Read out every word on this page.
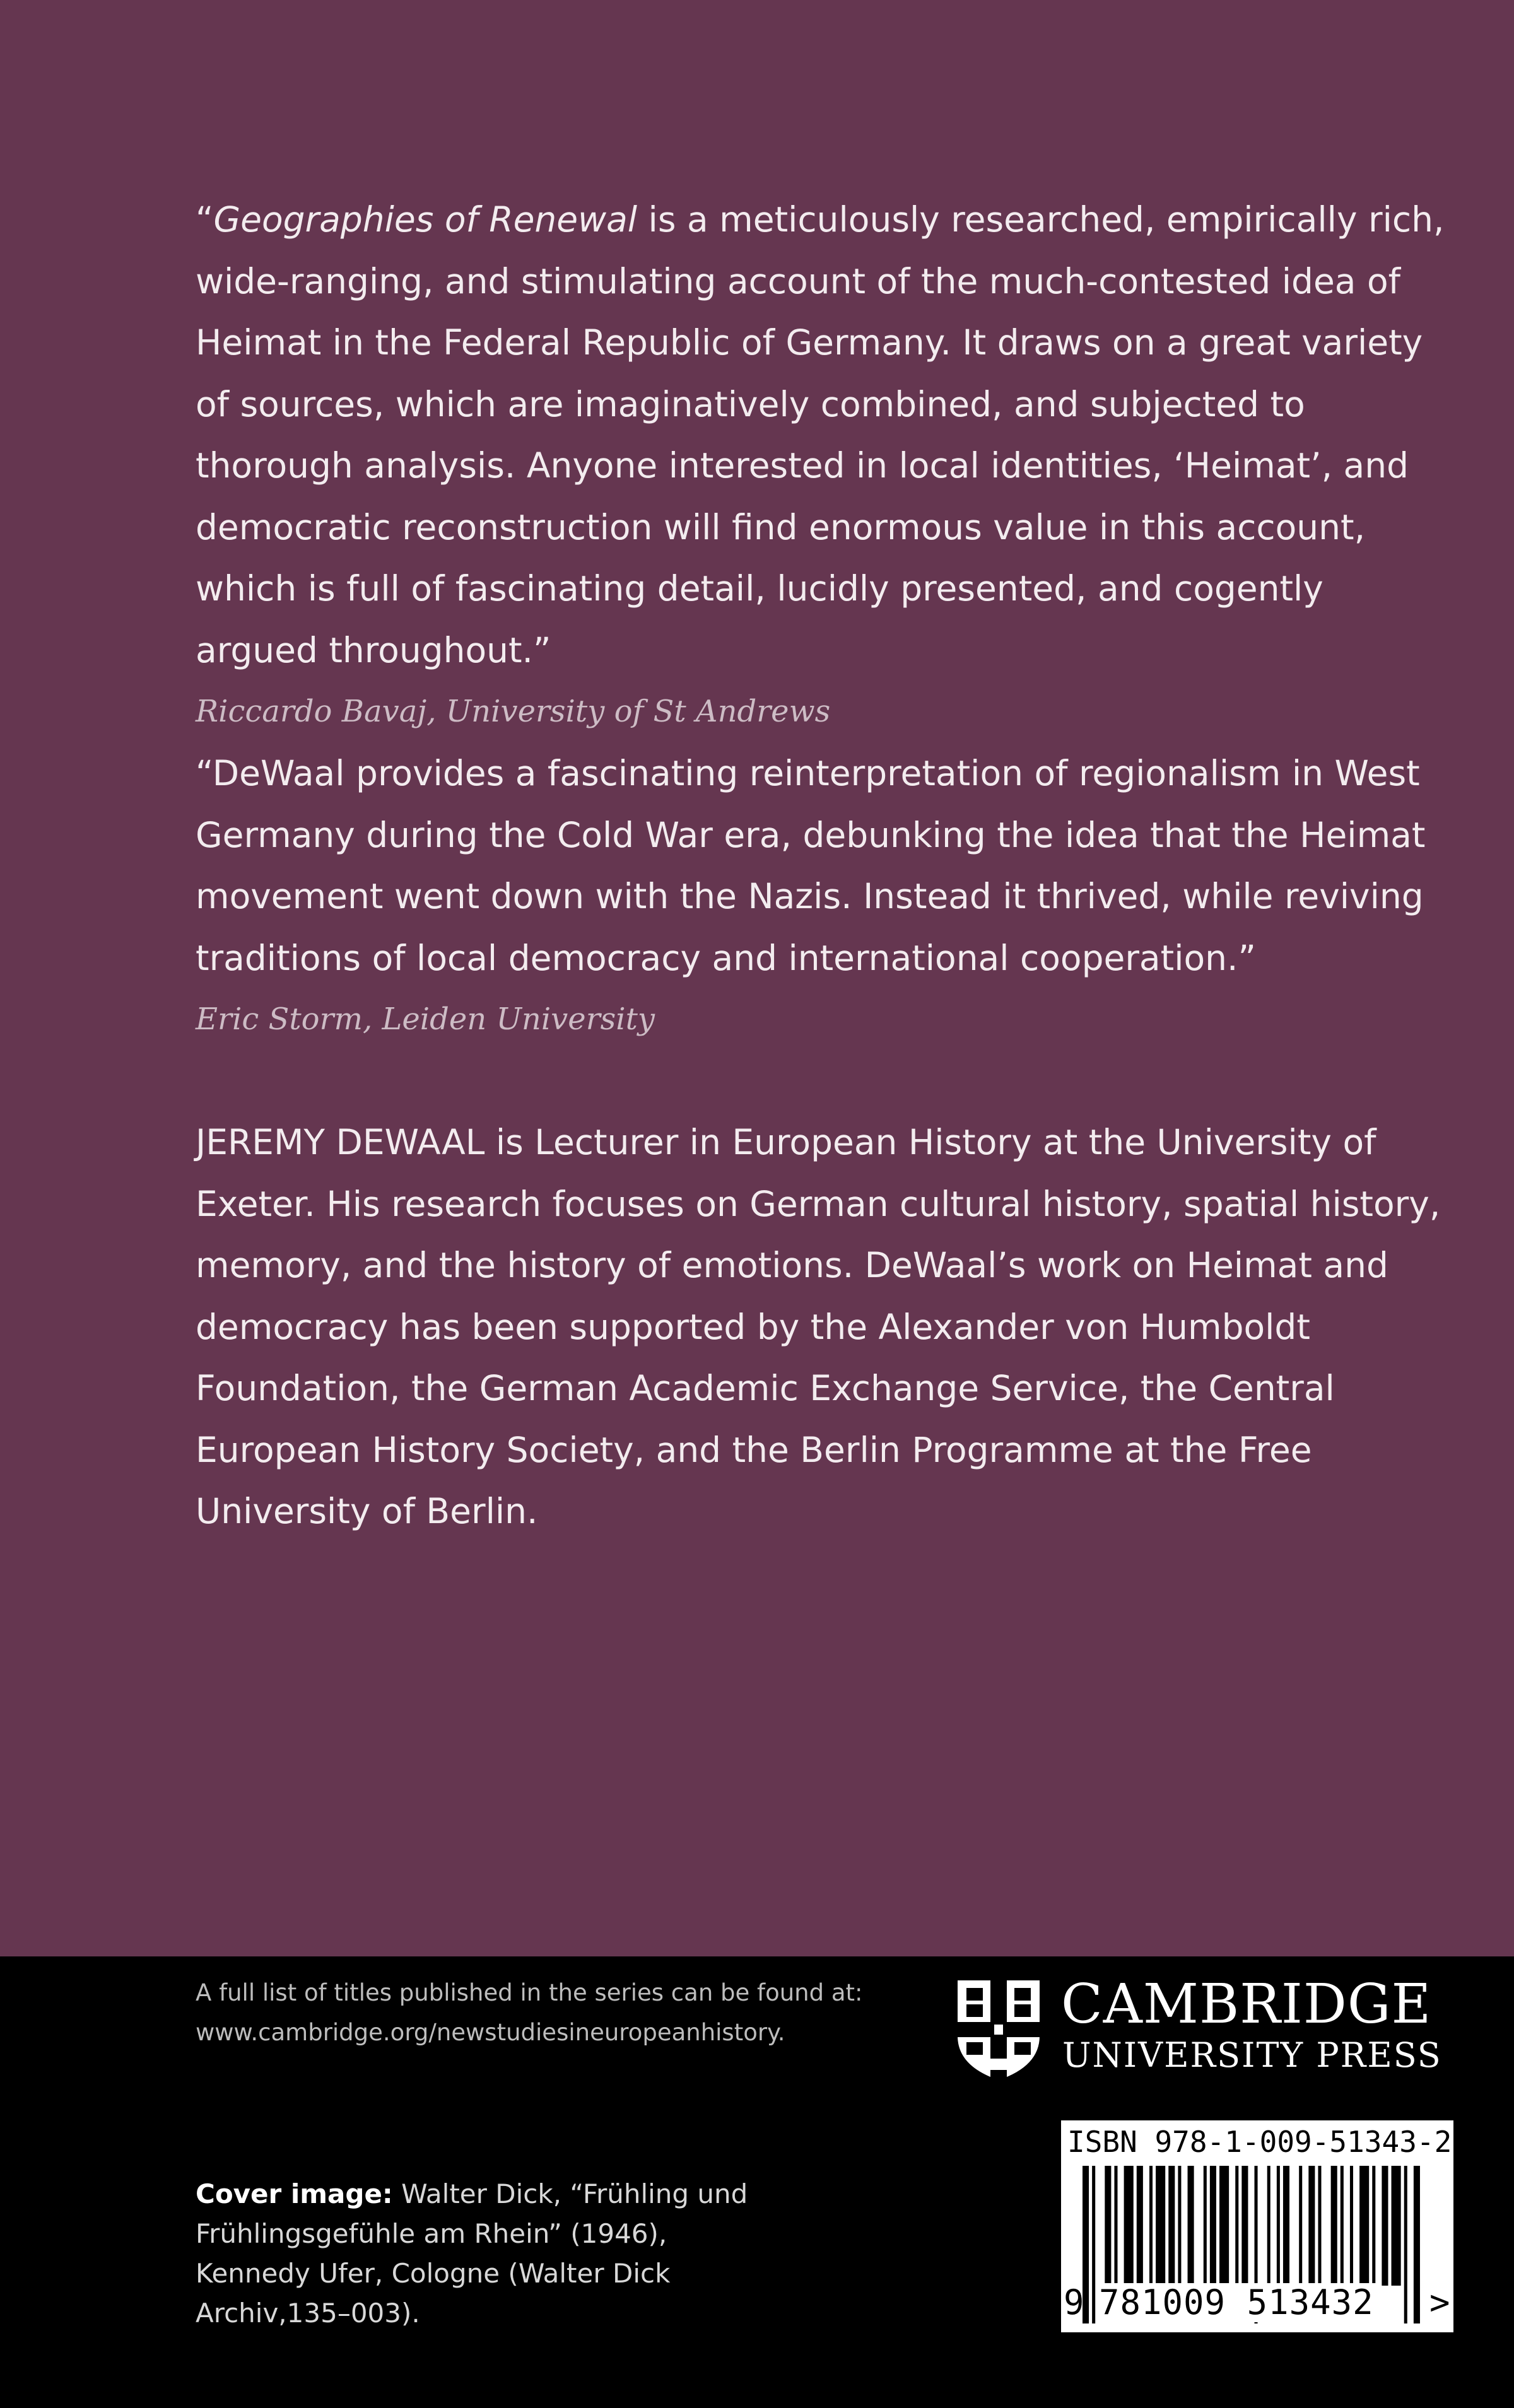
“Geographies of Renewal is a meticulously researched, empirically rich, wide-ranging, and stimulating account of the much-contested idea of Heimat in the Federal Republic of Germany. It draws on a great variety of sources, which are imaginatively combined, and subjected to thorough analysis. Anyone interested in local identities, ‘Heimat’, and democratic reconstruction will find enormous value in this account, which is full of fascinating detail, lucidly presented, and cogently argued throughout.”

Riccardo Bavaj, University of St Andrews

“DeWaal provides a fascinating reinterpretation of regionalism in West Germany during the Cold War era, debunking the idea that the Heimat movement went down with the Nazis. Instead it thrived, while reviving traditions of local democracy and international cooperation.”

Eric Storm, Leiden University

JEREMY DEWAAL is Lecturer in European History at the University of Exeter. His research focuses on German cultural history, spatial history, memory, and the history of emotions. DeWaal’s work on Heimat and democracy has been supported by the Alexander von Humboldt Foundation, the German Academic Exchange Service, the Central European History Society, and the Berlin Programme at the Free University of Berlin.

A full list of titles published in the series can be found at:

www.cambridge.org/newstudiesineuropeanhistory.

Cover image: Walter Dick, “Frühling und Frühlingsgefühle am Rhein” (1946), Kennedy Ufer, Cologne (Walter Dick Archiv,135–003).
CAMBRIDGE
UNIVERSITY PRESS
ISBN 978-1-009-51343-2
9 781009 513432 >
